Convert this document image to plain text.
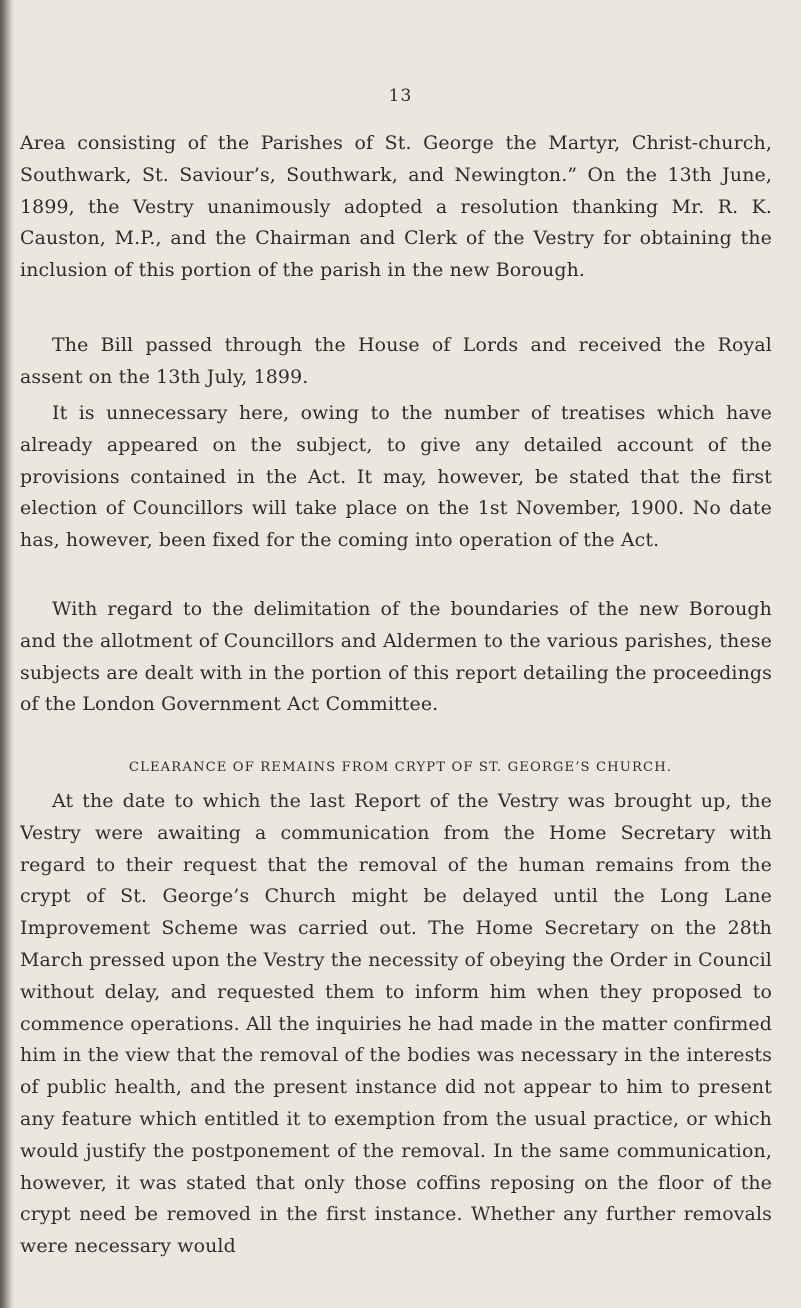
13

Area consisting of the Parishes of St. George the Martyr, Christ-church, Southwark, St. Saviour’s, Southwark, and Newington.” On the 13th June, 1899, the Vestry unanimously adopted a resolution thanking Mr. R. K. Causton, M.P., and the Chairman and Clerk of the Vestry for obtaining the inclusion of this portion of the parish in the new Borough.

The Bill passed through the House of Lords and received the Royal assent on the 13th July, 1899.

It is unnecessary here, owing to the number of treatises which have already appeared on the subject, to give any detailed account of the provisions contained in the Act. It may, however, be stated that the first election of Councillors will take place on the 1st November, 1900. No date has, however, been fixed for the coming into operation of the Act.

With regard to the delimitation of the boundaries of the new Borough and the allotment of Councillors and Aldermen to the various parishes, these subjects are dealt with in the portion of this report detailing the proceedings of the London Government Act Committee.

CLEARANCE OF REMAINS FROM CRYPT OF ST. GEORGE’S CHURCH.

At the date to which the last Report of the Vestry was brought up, the Vestry were awaiting a communication from the Home Secretary with regard to their request that the removal of the human remains from the crypt of St. George’s Church might be delayed until the Long Lane Improvement Scheme was carried out. The Home Secretary on the 28th March pressed upon the Vestry the necessity of obeying the Order in Council without delay, and requested them to inform him when they proposed to commence operations. All the inquiries he had made in the matter confirmed him in the view that the removal of the bodies was necessary in the interests of public health, and the present instance did not appear to him to present any feature which entitled it to exemption from the usual practice, or which would justify the postponement of the removal. In the same communication, however, it was stated that only those coffins reposing on the floor of the crypt need be removed in the first instance. Whether any further removals were necessary would
